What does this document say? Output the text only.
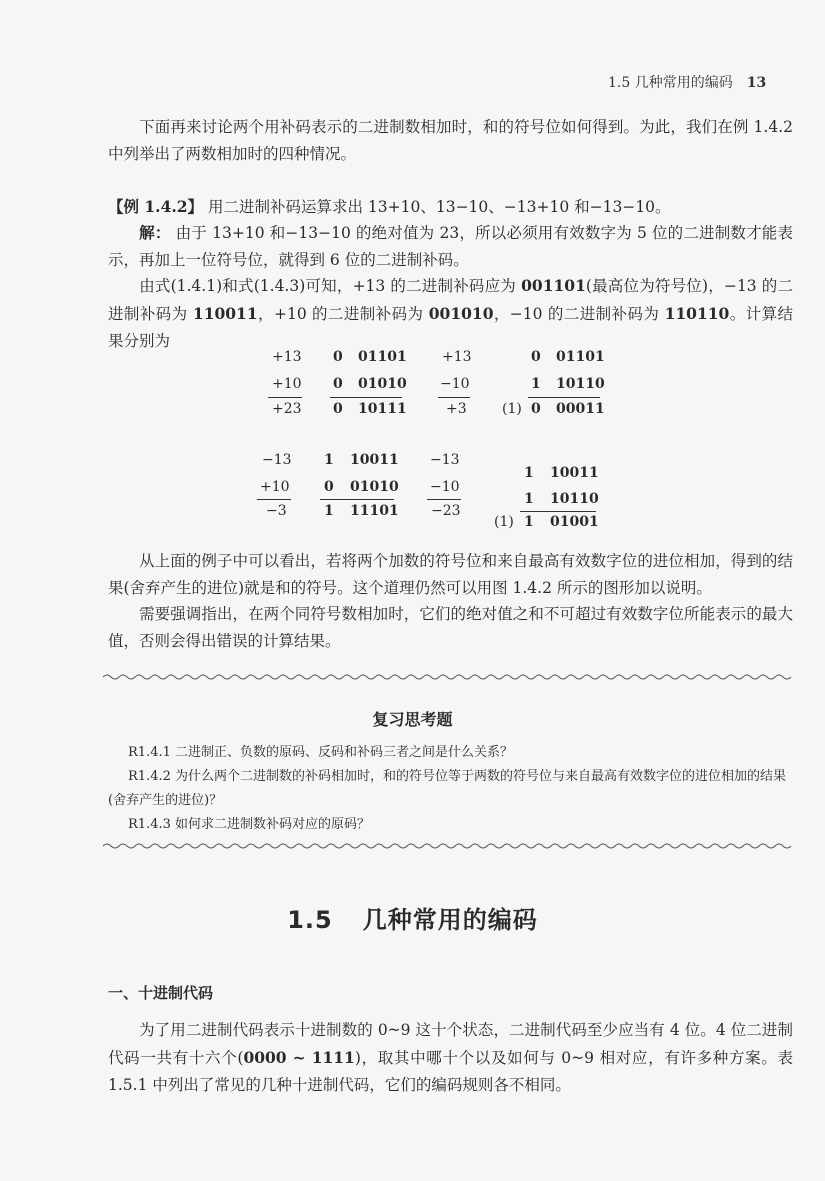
1.5 几种常用的编码 13

下面再来讨论两个用补码表示的二进制数相加时，和的符号位如何得到。为此，我们在例 1.4.2 中列举出了两数相加时的四种情况。

【例 1.4.2】 用二进制补码运算求出 13+10、13−10、−13+10 和−13−10。

解： 由于 13+10 和−13−10 的绝对值为 23，所以必须用有效数字为 5 位的二进制数才能表示，再加上一位符号位，就得到 6 位的二进制补码。

由式(1.4.1)和式(1.4.3)可知，+13 的二进制补码应为 001101(最高位为符号位)，−13 的二进制补码为 110011，+10 的二进制补码为 001010，−10 的二进制补码为 110110。计算结果分别为

+13
+10
+23
0 01101
0 01010
0 10111
+13
−10
+3
0 01101
1 10110
(1) 0 00011
−13
+10
−3
1 10011
0 01010
1 11101
−13
−10
−23
1 10011
1 10110
(1) 1 01001

从上面的例子中可以看出，若将两个加数的符号位和来自最高有效数字位的进位相加，得到的结果(舍弃产生的进位)就是和的符号。这个道理仍然可以用图 1.4.2 所示的图形加以说明。

需要强调指出，在两个同符号数相加时，它们的绝对值之和不可超过有效数字位所能表示的最大值，否则会得出错误的计算结果。

复习思考题

R1.4.1 二进制正、负数的原码、反码和补码三者之间是什么关系？

R1.4.2 为什么两个二进制数的补码相加时，和的符号位等于两数的符号位与来自最高有效数字位的进位相加的结果(舍弃产生的进位)？

R1.4.3 如何求二进制数补码对应的原码？

1.5 几种常用的编码
一、十进制代码

为了用二进制代码表示十进制数的 0~9 这十个状态，二进制代码至少应当有 4 位。4 位二进制代码一共有十六个(0000 ~ 1111)，取其中哪十个以及如何与 0~9 相对应，有许多种方案。表 1.5.1 中列出了常见的几种十进制代码，它们的编码规则各不相同。
